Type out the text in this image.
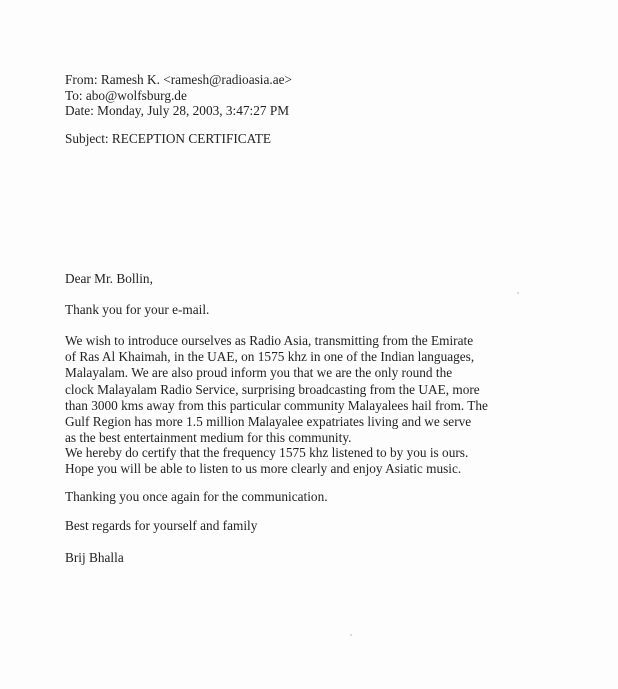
From: Ramesh K. <ramesh@radioasia.ae>
To: abo@wolfsburg.de
Date: Monday, July 28, 2003, 3:47:27 PM
Subject: RECEPTION CERTIFICATE
Dear Mr. Bollin,
Thank you for your e-mail.
We wish to introduce ourselves as Radio Asia, transmitting from the Emirate
of Ras Al Khaimah, in the UAE, on 1575 khz in one of the Indian languages,
Malayalam. We are also proud inform you that we are the only round the
clock Malayalam Radio Service, surprising broadcasting from the UAE, more
than 3000 kms away from this particular community Malayalees hail from. The
Gulf Region has more 1.5 million Malayalee expatriates living and we serve
as the best entertainment medium for this community.
We hereby do certify that the frequency 1575 khz listened to by you is ours.
Hope you will be able to listen to us more clearly and enjoy Asiatic music.
Thanking you once again for the communication.
Best regards for yourself and family
Brij Bhalla
